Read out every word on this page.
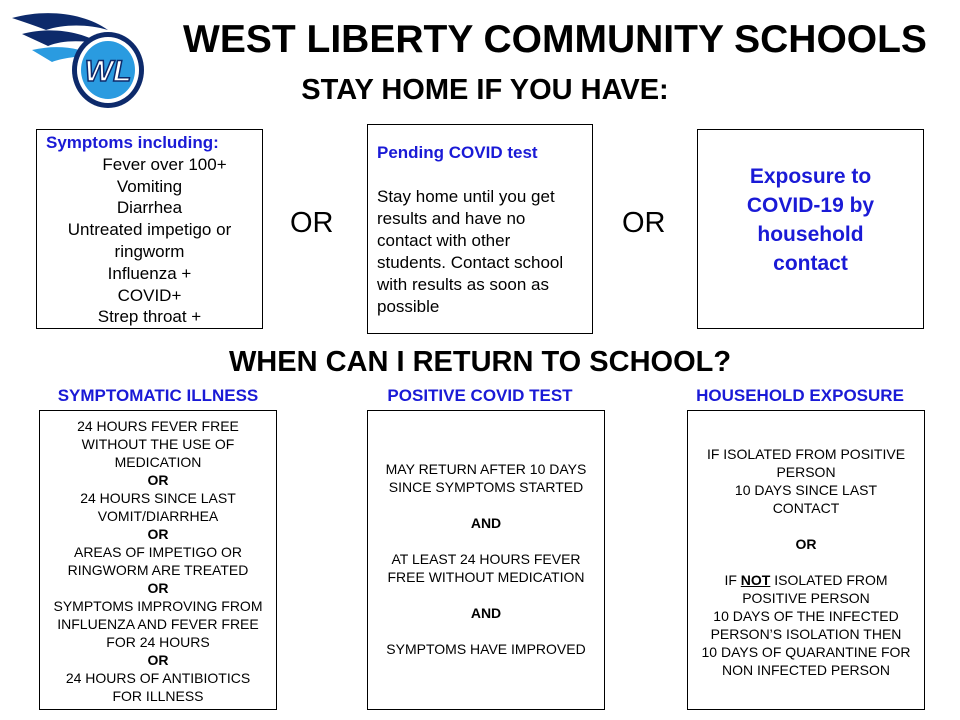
WL
WEST LIBERTY COMMUNITY SCHOOLS
STAY HOME IF YOU HAVE:
Symptoms including:
Fever over 100+
Vomiting
Diarrhea
Untreated impetigo or
ringworm
Influenza +
COVID+
Strep throat +
OR
Pending COVID test
Stay home until you get
results and have no
contact with other
students. Contact school
with results as soon as
possible
OR
Exposure to
COVID-19 by
household
contact
WHEN CAN I RETURN TO SCHOOL?
SYMPTOMATIC ILLNESS	POSITIVE COVID TEST	HOUSEHOLD EXPOSURE
24 HOURS FEVER FREE
WITHOUT THE USE OF
MEDICATION
OR
24 HOURS SINCE LAST
VOMIT/DIARRHEA
OR
AREAS OF IMPETIGO OR
RINGWORM ARE TREATED
OR
SYMPTOMS IMPROVING FROM
INFLUENZA AND FEVER FREE
FOR 24 HOURS
OR
24 HOURS OF ANTIBIOTICS
FOR ILLNESS
MAY RETURN AFTER 10 DAYS
SINCE SYMPTOMS STARTED
AND
AT LEAST 24 HOURS FEVER
FREE WITHOUT MEDICATION
AND
SYMPTOMS HAVE IMPROVED
IF ISOLATED FROM POSITIVE
PERSON
10 DAYS SINCE LAST
CONTACT
OR
IF NOT ISOLATED FROM
POSITIVE PERSON
10 DAYS OF THE INFECTED
PERSON’S ISOLATION THEN
10 DAYS OF QUARANTINE FOR
NON INFECTED PERSON
